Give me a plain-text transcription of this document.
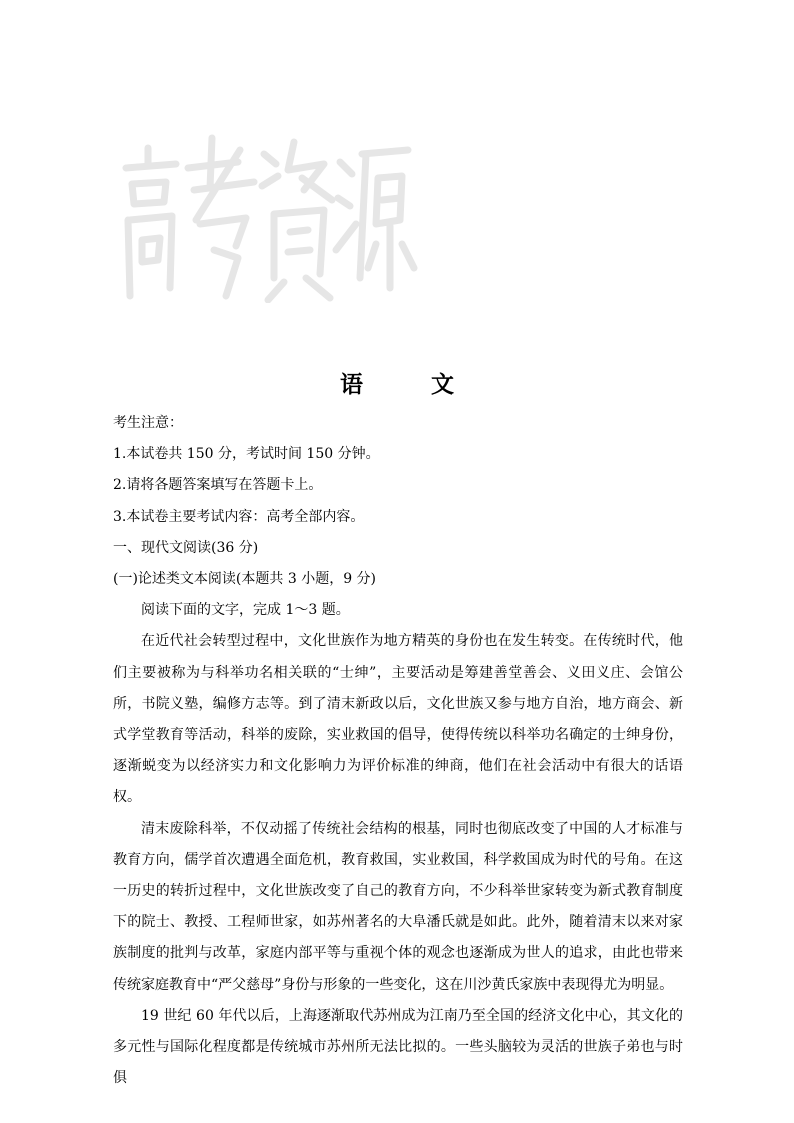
高考资源网
语 文
考生注意：
1.本试卷共 150 分，考试时间 150 分钟。
2.请将各题答案填写在答题卡上。
3.本试卷主要考试内容：高考全部内容。
一、现代文阅读(36 分)
(一)论述类文本阅读(本题共 3 小题，9 分)

阅读下面的文字，完成 1～3 题。

在近代社会转型过程中，文化世族作为地方精英的身份也在发生转变。在传统时代，他们主要被称为与科举功名相关联的“士绅”，主要活动是筹建善堂善会、义田义庄、会馆公所，书院义塾，编修方志等。到了清末新政以后，文化世族又参与地方自治，地方商会、新式学堂教育等活动，科举的废除，实业救国的倡导，使得传统以科举功名确定的士绅身份，逐渐蜕变为以经济实力和文化影响力为评价标准的绅商，他们在社会活动中有很大的话语权。

清末废除科举，不仅动摇了传统社会结构的根基，同时也彻底改变了中国的人才标准与教育方向，儒学首次遭遇全面危机，教育救国，实业救国，科学救国成为时代的号角。在这一历史的转折过程中，文化世族改变了自己的教育方向，不少科举世家转变为新式教育制度下的院士、教授、工程师世家，如苏州著名的大阜潘氏就是如此。此外，随着清末以来对家族制度的批判与改革，家庭内部平等与重视个体的观念也逐渐成为世人的追求，由此也带来传统家庭教育中“严父慈母”身份与形象的一些变化，这在川沙黄氏家族中表现得尤为明显。

19 世纪 60 年代以后，上海逐渐取代苏州成为江南乃至全国的经济文化中心，其文化的多元性与国际化程度都是传统城市苏州所无法比拟的。一些头脑较为灵活的世族子弟也与时俱
